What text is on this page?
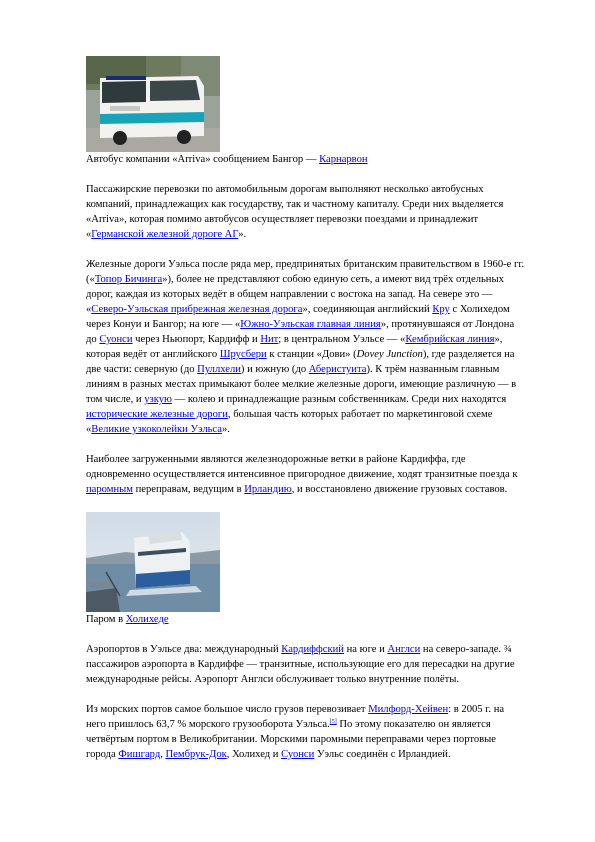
Автобус компании «Arriva» сообщением Бангор — Карнарвон

Пассажирские перевозки по автомобильным дорогам выполняют несколько автобусных компаний, принадлежащих как государству, так и частному капиталу. Среди них выделяется «Arriva», которая помимо автобусов осуществляет перевозки поездами и принадлежит «Германской железной дороге АГ».

Железные дороги Уэльса после ряда мер, предпринятых британским правительством в 1960-е гг. («Топор Бичинга»), более не представляют собою единую сеть, а имеют вид трёх отдельных дорог, каждая из которых ведёт в общем направлении с востока на запад. На севере это — «Северо-Уэльская прибрежная железная дорога», соединяющая английский Кру с Холихедом через Конуи и Бангор; на юге — «Южно-Уэльская главная линия», протянувшаяся от Лондона до Суонси через Ньюпорт, Кардифф и Нит; в центральном Уэльсе — «Кембрийская линия», которая ведёт от английского Шрусбери к станции «Дови» (Dovey Junction), где разделяется на две части: северную (до Пуллхели) и южную (до Аберистуита). К трём названным главным линиям в разных местах примыкают более мелкие железные дороги, имеющие различную — в том числе, и узкую — колею и принадлежащие разным собственникам. Среди них находятся исторические железные дороги, большая часть которых работает по маркетинговой схеме «Великие узкоколейки Уэльса».

Наиболее загруженными являются железнодорожные ветки в районе Кардиффа, где одновременно осуществляется интенсивное пригородное движение, ходят транзитные поезда к паромным переправам, ведущим в Ирландию, и восстановлено движение грузовых составов.

Паром в Холихеде

Аэропортов в Уэльсе два: международный Кардиффский на юге и Англси на северо-западе. ¾ пассажиров аэропорта в Кардиффе — транзитные, использующие его для пересадки на другие международные рейсы. Аэропорт Англси обслуживает только внутренние полёты.

Из морских портов самое большое число грузов перевозивает Милфорд-Хейвен: в 2005 г. на него пришлось 63,7 % морского грузооборота Уэльса.[5] По этому показателю он является четвёртым портом в Великобритании. Морскими паромными переправами через портовые города Фишгард, Пембрук-Док, Холихед и Суонси Уэльс соединён с Ирландией.
